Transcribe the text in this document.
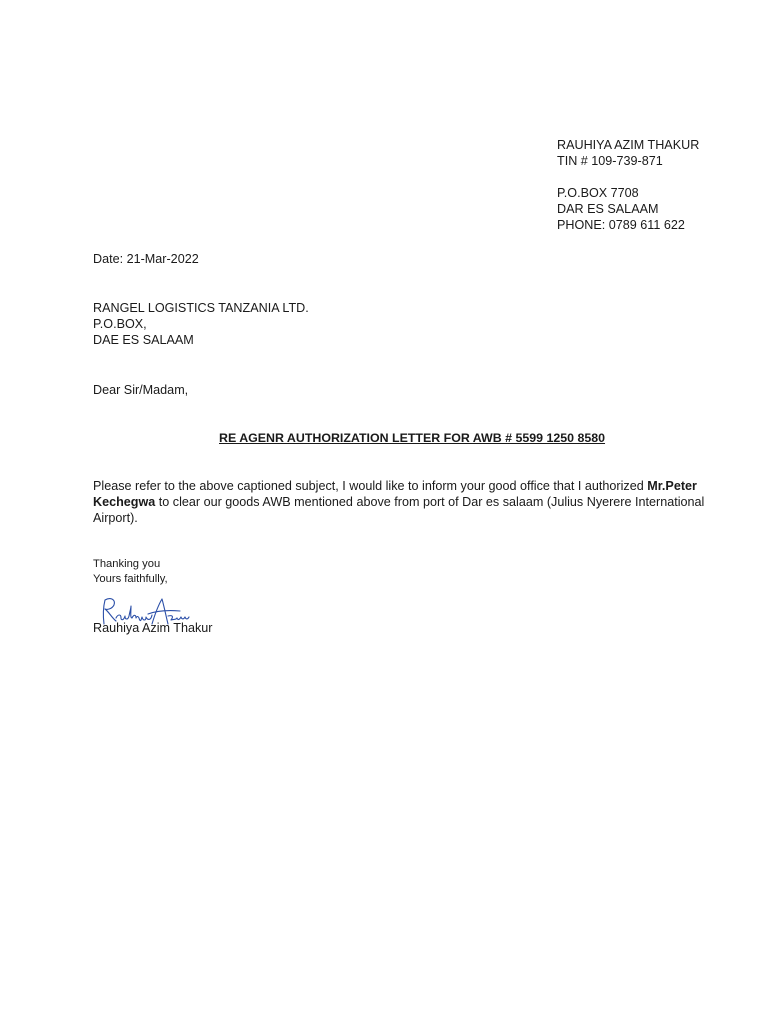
RAUHIYA AZIM THAKUR
TIN # 109-739-871
P.O.BOX 7708
DAR ES SALAAM
PHONE: 0789 611 622
Date: 21-Mar-2022
RANGEL LOGISTICS TANZANIA LTD.
P.O.BOX,
DAE ES SALAAM
Dear Sir/Madam,
RE AGENR AUTHORIZATION LETTER FOR AWB # 5599 1250 8580
Please refer to the above captioned subject, I would like to inform your good office that I authorized Mr.Peter Kechegwa to clear our goods AWB mentioned above from port of Dar es salaam (Julius Nyerere International Airport).
Thanking you
Yours faithfully,
Rauhiya Azim Thakur
